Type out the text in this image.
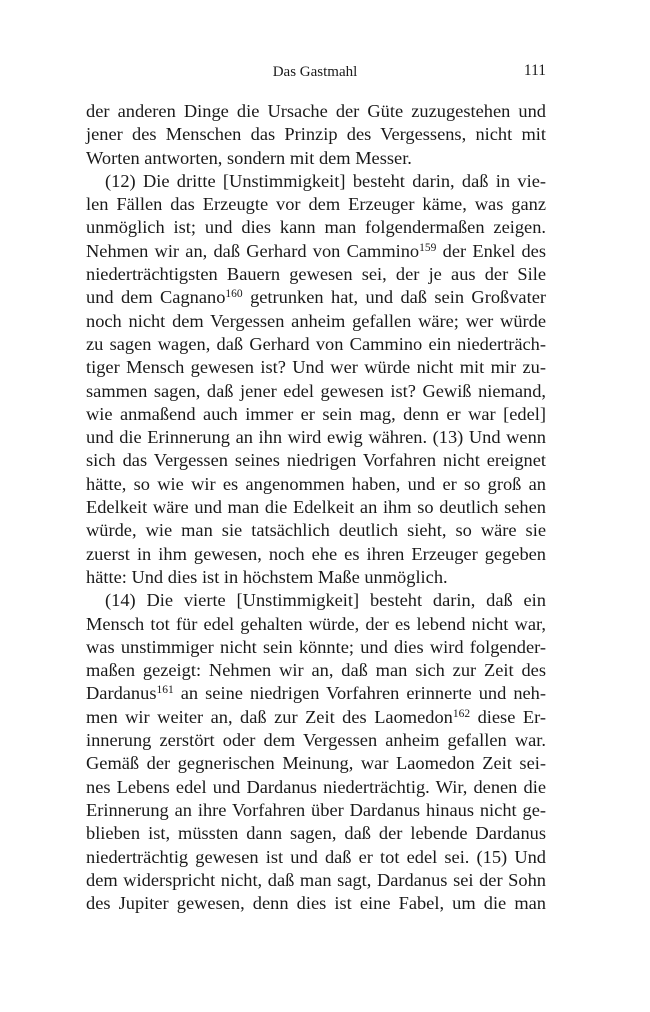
Das Gastmahl	111
der anderen Dinge die Ursache der Güte zuzugestehen und
jener des Menschen das Prinzip des Vergessens, nicht mit
Worten antworten, sondern mit dem Messer.
(12) Die dritte [Unstimmigkeit] besteht darin, daß in vie-
len Fällen das Erzeugte vor dem Erzeuger käme, was ganz
unmöglich ist; und dies kann man folgendermaßen zeigen.
Nehmen wir an, daß Gerhard von Cammino$^{159}$ der Enkel des
niederträchtigsten Bauern gewesen sei, der je aus der Sile
und dem Cagnano$^{160}$ getrunken hat, und daß sein Großvater
noch nicht dem Vergessen anheim gefallen wäre; wer würde
zu sagen wagen, daß Gerhard von Cammino ein niederträch-
tiger Mensch gewesen ist? Und wer würde nicht mit mir zu-
sammen sagen, daß jener edel gewesen ist? Gewiß niemand,
wie anmaßend auch immer er sein mag, denn er war [edel]
und die Erinnerung an ihn wird ewig währen. (13) Und wenn
sich das Vergessen seines niedrigen Vorfahren nicht ereignet
hätte, so wie wir es angenommen haben, und er so groß an
Edelkeit wäre und man die Edelkeit an ihm so deutlich sehen
würde, wie man sie tatsächlich deutlich sieht, so wäre sie
zuerst in ihm gewesen, noch ehe es ihren Erzeuger gegeben
hätte: Und dies ist in höchstem Maße unmöglich.
(14) Die vierte [Unstimmigkeit] besteht darin, daß ein
Mensch tot für edel gehalten würde, der es lebend nicht war,
was unstimmiger nicht sein könnte; und dies wird folgender-
maßen gezeigt: Nehmen wir an, daß man sich zur Zeit des
Dardanus$^{161}$ an seine niedrigen Vorfahren erinnerte und neh-
men wir weiter an, daß zur Zeit des Laomedon$^{162}$ diese Er-
innerung zerstört oder dem Vergessen anheim gefallen war.
Gemäß der gegnerischen Meinung, war Laomedon Zeit sei-
nes Lebens edel und Dardanus niederträchtig. Wir, denen die
Erinnerung an ihre Vorfahren über Dardanus hinaus nicht ge-
blieben ist, müssten dann sagen, daß der lebende Dardanus
niederträchtig gewesen ist und daß er tot edel sei. (15) Und
dem widerspricht nicht, daß man sagt, Dardanus sei der Sohn
des Jupiter gewesen, denn dies ist eine Fabel, um die man
